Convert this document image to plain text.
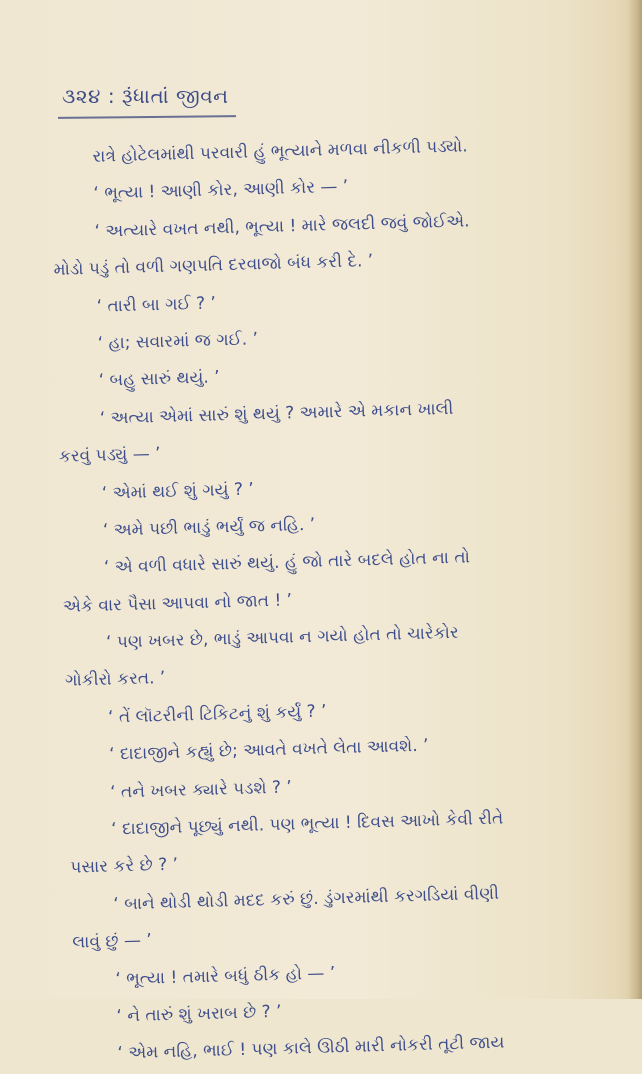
૩૨૪ : રૂંધાતાં જીવન
રાત્રે હોટેલમાંથી પરવારી હું ભૂત્યાને મળવા નીકળી પડ્યો.
‘ ભૂત્યા ! આણી કોર, આણી કોર — ’
‘ અત્યારે વખત નથી, ભૂત્યા ! મારે જલદી જવું જોઈએ.
મોડો પડું તો વળી ગણપતિ દરવાજો બંધ કરી દે. ’
‘ તારી બા ગઈ ? ’
‘ હા; સવારમાં જ ગઈ. ’
‘ બહુ સારું થયું. ’
‘ અત્યા એમાં સારું શું થયું ? અમારે એ મકાન ખાલી
કરવું પડ્યું — ’
‘ એમાં થઈ શું ગયું ? ’
‘ અમે પછી ભાડું ભર્યું જ નહિ. ’
‘ એ વળી વધારે સારું થયું. હું જો તારે બદલે હોત ના તો
એકે વાર પૈસા આપવા નો જાત ! ’
‘ પણ ખબર છે, ભાડું આપવા ન ગયો હોત તો ચારેકોર
ગોકીરો કરત. ’
‘ તેં લૉટરીની ટિકિટનું શું કર્યું ? ’
‘ દાદાજીને કહ્યું છે; આવતે વખતે લેતા આવશે. ’
‘ તને ખબર ક્યારે પડશે ? ’
‘ દાદાજીને પૂછ્યું નથી. પણ ભૂત્યા ! દિવસ આખો કેવી રીતે
પસાર કરે છે ? ’
‘ બાને થોડી થોડી મદદ કરું છું. ડુંગરમાંથી કરગડિયાં વીણી
લાવું છું — ’
‘ ભૂત્યા ! તમારે બધું ઠીક હો — ’
‘ ને તારું શું ખરાબ છે ? ’
‘ એમ નહિ, ભાઈ ! પણ કાલે ઊઠી મારી નોકરી તૂટી જાય
